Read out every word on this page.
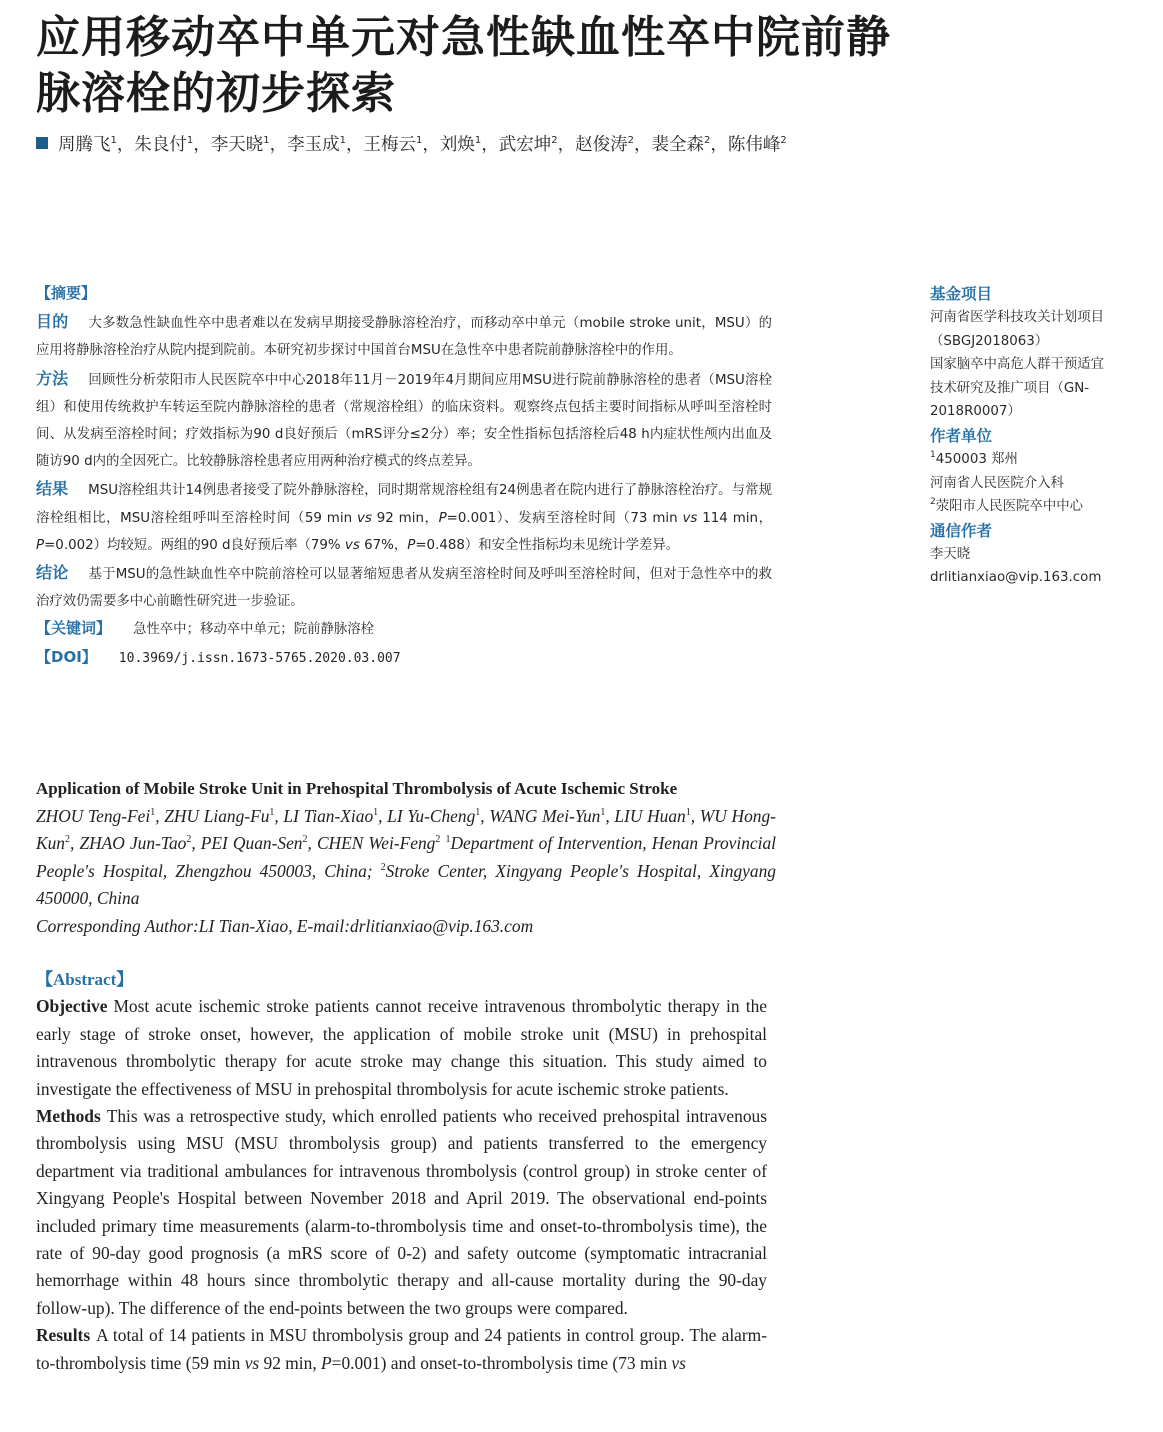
应用移动卒中单元对急性缺血性卒中院前静脉溶栓的初步探索
周腾飞$^1$，朱良付$^1$，李天晓$^1$，李玉成$^1$，王梅云$^1$，刘焕$^1$，武宏坤$^2$，赵俊涛$^2$，裴全森$^2$，陈伟峰$^2$

【摘要】

目的 大多数急性缺血性卒中患者难以在发病早期接受静脉溶栓治疗，而移动卒中单元（mobile stroke unit，MSU）的应用将静脉溶栓治疗从院内提到院前。本研究初步探讨中国首台MSU在急性卒中患者院前静脉溶栓中的作用。

方法 回顾性分析荥阳市人民医院卒中中心2018年11月－2019年4月期间应用MSU进行院前静脉溶栓的患者（MSU溶栓组）和使用传统救护车转运至院内静脉溶栓的患者（常规溶栓组）的临床资料。观察终点包括主要时间指标从呼叫至溶栓时间、从发病至溶栓时间；疗效指标为90 d良好预后（mRS评分≤2分）率；安全性指标包括溶栓后48 h内症状性颅内出血及随访90 d内的全因死亡。比较静脉溶栓患者应用两种治疗模式的终点差异。

结果 MSU溶栓组共计14例患者接受了院外静脉溶栓，同时期常规溶栓组有24例患者在院内进行了静脉溶栓治疗。与常规溶栓组相比，MSU溶栓组呼叫至溶栓时间（59 min vs 92 min，P=0.001）、发病至溶栓时间（73 min vs 114 min，P=0.002）均较短。两组的90 d良好预后率（79% vs 67%，P=0.488）和安全性指标均未见统计学差异。

结论 基于MSU的急性缺血性卒中院前溶栓可以显著缩短患者从发病至溶栓时间及呼叫至溶栓时间，但对于急性卒中的救治疗效仍需要多中心前瞻性研究进一步验证。

【关键词】 急性卒中；移动卒中单元；院前静脉溶栓

【DOI】 10.3969/j.issn.1673-5765.2020.03.007

基金项目

河南省医学科技攻关计划项目（SBGJ2018063）

国家脑卒中高危人群干预适宜技术研究及推广项目（GN-2018R0007）

作者单位

$^1$450003 郑州
河南省人民医院介入科

$^2$荥阳市人民医院卒中中心

通信作者

李天晓

drlitianxiao@vip.163.com

Application of Mobile Stroke Unit in Prehospital Thrombolysis of Acute Ischemic Stroke

ZHOU Teng-Fei$^1$, ZHU Liang-Fu$^1$, LI Tian-Xiao$^1$, LI Yu-Cheng$^1$, WANG Mei-Yun$^1$, LIU Huan$^1$, WU Hong-Kun$^2$, ZHAO Jun-Tao$^2$, PEI Quan-Sen$^2$, CHEN Wei-Feng$^2$ $^1$Department of Intervention, Henan Provincial People's Hospital, Zhengzhou 450003, China; $^2$Stroke Center, Xingyang People's Hospital, Xingyang 450000, China

Corresponding Author:LI Tian-Xiao, E-mail:drlitianxiao@vip.163.com

【Abstract】

Objective Most acute ischemic stroke patients cannot receive intravenous thrombolytic therapy in the early stage of stroke onset, however, the application of mobile stroke unit (MSU) in prehospital intravenous thrombolytic therapy for acute stroke may change this situation. This study aimed to investigate the effectiveness of MSU in prehospital thrombolysis for acute ischemic stroke patients.

Methods This was a retrospective study, which enrolled patients who received prehospital intravenous thrombolysis using MSU (MSU thrombolysis group) and patients transferred to the emergency department via traditional ambulances for intravenous thrombolysis (control group) in stroke center of Xingyang People's Hospital between November 2018 and April 2019. The observational end-points included primary time measurements (alarm-to-thrombolysis time and onset-to-thrombolysis time), the rate of 90-day good prognosis (a mRS score of 0-2) and safety outcome (symptomatic intracranial hemorrhage within 48 hours since thrombolytic therapy and all-cause mortality during the 90-day follow-up). The difference of the end-points between the two groups were compared.

Results A total of 14 patients in MSU thrombolysis group and 24 patients in control group. The alarm-to-thrombolysis time (59 min vs 92 min, P=0.001) and onset-to-thrombolysis time (73 min vs
